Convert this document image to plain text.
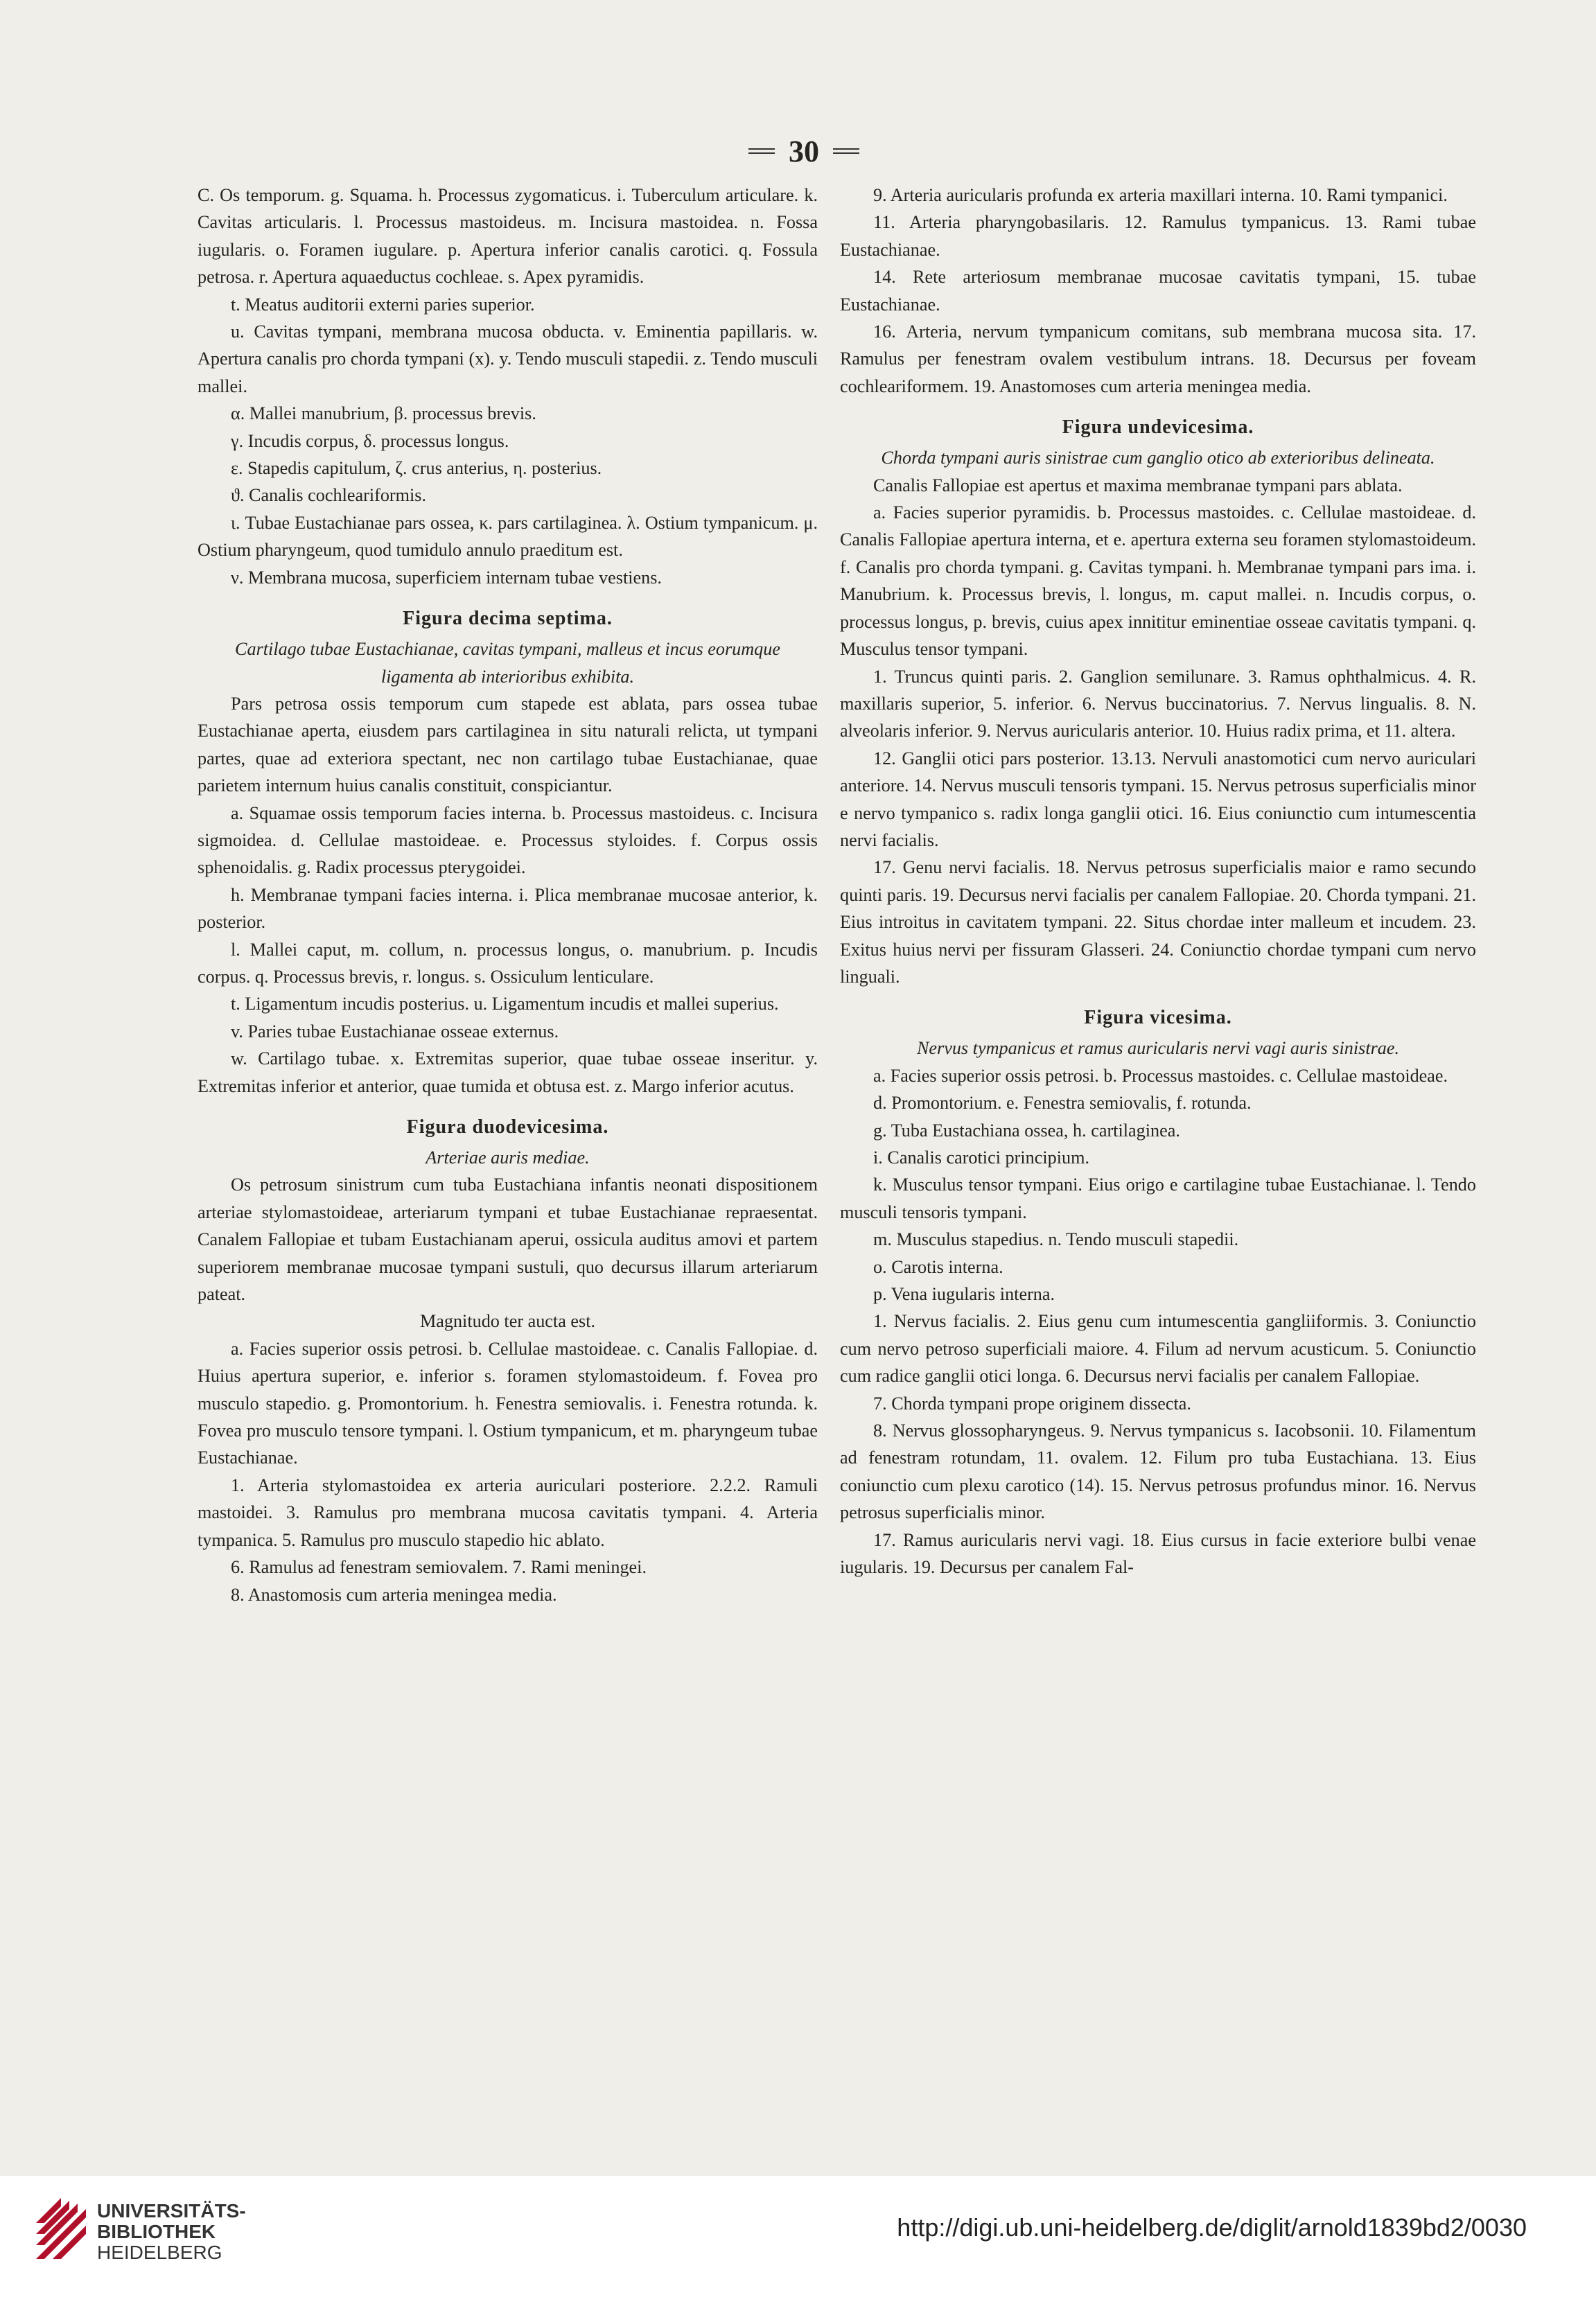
30

C. Os temporum. g. Squama. h. Processus zygomaticus. i. Tuberculum articulare. k. Cavitas articularis. l. Processus mastoideus. m. Incisura mastoidea. n. Fossa iugularis. o. Foramen iugulare. p. Apertura inferior canalis carotici. q. Fossula petrosa. r. Apertura aquaeductus cochleae. s. Apex pyramidis.

t. Meatus auditorii externi paries superior.

u. Cavitas tympani, membrana mucosa obducta. v. Eminentia papillaris. w. Apertura canalis pro chorda tympani (x). y. Tendo musculi stapedii. z. Tendo musculi mallei.

α. Mallei manubrium, β. processus brevis.

γ. Incudis corpus, δ. processus longus.

ε. Stapedis capitulum, ζ. crus anterius, η. posterius.

ϑ. Canalis cochleariformis.

ι. Tubae Eustachianae pars ossea, κ. pars cartilaginea. λ. Ostium tympanicum. μ. Ostium pharyngeum, quod tumidulo annulo praeditum est.

ν. Membrana mucosa, superficiem internam tubae vestiens.

Figura decima septima.

Cartilago tubae Eustachianae, cavitas tympani, malleus et incus eorumque ligamenta ab interioribus exhibita.

Pars petrosa ossis temporum cum stapede est ablata, pars ossea tubae Eustachianae aperta, eiusdem pars cartilaginea in situ naturali relicta, ut tympani partes, quae ad exteriora spectant, nec non cartilago tubae Eustachianae, quae parietem internum huius canalis constituit, conspiciantur.

a. Squamae ossis temporum facies interna. b. Processus mastoideus. c. Incisura sigmoidea. d. Cellulae mastoideae. e. Processus styloides. f. Corpus ossis sphenoidalis. g. Radix processus pterygoidei.

h. Membranae tympani facies interna. i. Plica membranae mucosae anterior, k. posterior.

l. Mallei caput, m. collum, n. processus longus, o. manubrium. p. Incudis corpus. q. Processus brevis, r. longus. s. Ossiculum lenticulare.

t. Ligamentum incudis posterius. u. Ligamentum incudis et mallei superius.

v. Paries tubae Eustachianae osseae externus.

w. Cartilago tubae. x. Extremitas superior, quae tubae osseae inseritur. y. Extremitas inferior et anterior, quae tumida et obtusa est. z. Margo inferior acutus.

Figura duodevicesima.

Arteriae auris mediae.

Os petrosum sinistrum cum tuba Eustachiana infantis neonati dispositionem arteriae stylomastoideae, arteriarum tympani et tubae Eustachianae repraesentat. Canalem Fallopiae et tubam Eustachianam aperui, ossicula auditus amovi et partem superiorem membranae mucosae tympani sustuli, quo decursus illarum arteriarum pateat.

Magnitudo ter aucta est.

a. Facies superior ossis petrosi. b. Cellulae mastoideae. c. Canalis Fallopiae. d. Huius apertura superior, e. inferior s. foramen stylomastoideum. f. Fovea pro musculo stapedio. g. Promontorium. h. Fenestra semiovalis. i. Fenestra rotunda. k. Fovea pro musculo tensore tympani. l. Ostium tympanicum, et m. pharyngeum tubae Eustachianae.

1. Arteria stylomastoidea ex arteria auriculari posteriore. 2.2.2. Ramuli mastoidei. 3. Ramulus pro membrana mucosa cavitatis tympani. 4. Arteria tympanica. 5. Ramulus pro musculo stapedio hic ablato.

6. Ramulus ad fenestram semiovalem. 7. Rami meningei.

8. Anastomosis cum arteria meningea media.

9. Arteria auricularis profunda ex arteria maxillari interna. 10. Rami tympanici.

11. Arteria pharyngobasilaris. 12. Ramulus tympanicus. 13. Rami tubae Eustachianae.

14. Rete arteriosum membranae mucosae cavitatis tympani, 15. tubae Eustachianae.

16. Arteria, nervum tympanicum comitans, sub membrana mucosa sita. 17. Ramulus per fenestram ovalem vestibulum intrans. 18. Decursus per foveam cochleariformem. 19. Anastomoses cum arteria meningea media.

Figura undevicesima.

Chorda tympani auris sinistrae cum ganglio otico ab exterioribus delineata.

Canalis Fallopiae est apertus et maxima membranae tympani pars ablata.

a. Facies superior pyramidis. b. Processus mastoides. c. Cellulae mastoideae. d. Canalis Fallopiae apertura interna, et e. apertura externa seu foramen stylomastoideum. f. Canalis pro chorda tympani. g. Cavitas tympani. h. Membranae tympani pars ima. i. Manubrium. k. Processus brevis, l. longus, m. caput mallei. n. Incudis corpus, o. processus longus, p. brevis, cuius apex innititur eminentiae osseae cavitatis tympani. q. Musculus tensor tympani.

1. Truncus quinti paris. 2. Ganglion semilunare. 3. Ramus ophthalmicus. 4. R. maxillaris superior, 5. inferior. 6. Nervus buccinatorius. 7. Nervus lingualis. 8. N. alveolaris inferior. 9. Nervus auricularis anterior. 10. Huius radix prima, et 11. altera.

12. Ganglii otici pars posterior. 13.13. Nervuli anastomotici cum nervo auriculari anteriore. 14. Nervus musculi tensoris tympani. 15. Nervus petrosus superficialis minor e nervo tympanico s. radix longa ganglii otici. 16. Eius coniunctio cum intumescentia nervi facialis.

17. Genu nervi facialis. 18. Nervus petrosus superficialis maior e ramo secundo quinti paris. 19. Decursus nervi facialis per canalem Fallopiae. 20. Chorda tympani. 21. Eius introitus in cavitatem tympani. 22. Situs chordae inter malleum et incudem. 23. Exitus huius nervi per fissuram Glasseri. 24. Coniunctio chordae tympani cum nervo linguali.

Figura vicesima.

Nervus tympanicus et ramus auricularis nervi vagi auris sinistrae.

a. Facies superior ossis petrosi. b. Processus mastoides. c. Cellulae mastoideae.

d. Promontorium. e. Fenestra semiovalis, f. rotunda.

g. Tuba Eustachiana ossea, h. cartilaginea.

i. Canalis carotici principium.

k. Musculus tensor tympani. Eius origo e cartilagine tubae Eustachianae. l. Tendo musculi tensoris tympani.

m. Musculus stapedius. n. Tendo musculi stapedii.

o. Carotis interna.

p. Vena iugularis interna.

1. Nervus facialis. 2. Eius genu cum intumescentia gangliiformis. 3. Coniunctio cum nervo petroso superficiali maiore. 4. Filum ad nervum acusticum. 5. Coniunctio cum radice ganglii otici longa. 6. Decursus nervi facialis per canalem Fallopiae.

7. Chorda tympani prope originem dissecta.

8. Nervus glossopharyngeus. 9. Nervus tympanicus s. Iacobsonii. 10. Filamentum ad fenestram rotundam, 11. ovalem. 12. Filum pro tuba Eustachiana. 13. Eius coniunctio cum plexu carotico (14). 15. Nervus petrosus profundus minor. 16. Nervus petrosus superficialis minor.

17. Ramus auricularis nervi vagi. 18. Eius cursus in facie exteriore bulbi venae iugularis. 19. Decursus per canalem Fal-

UNIVERSITÄTS-
BIBLIOTHEK
HEIDELBERG
http://digi.ub.uni-heidelberg.de/diglit/arnold1839bd2/0030
